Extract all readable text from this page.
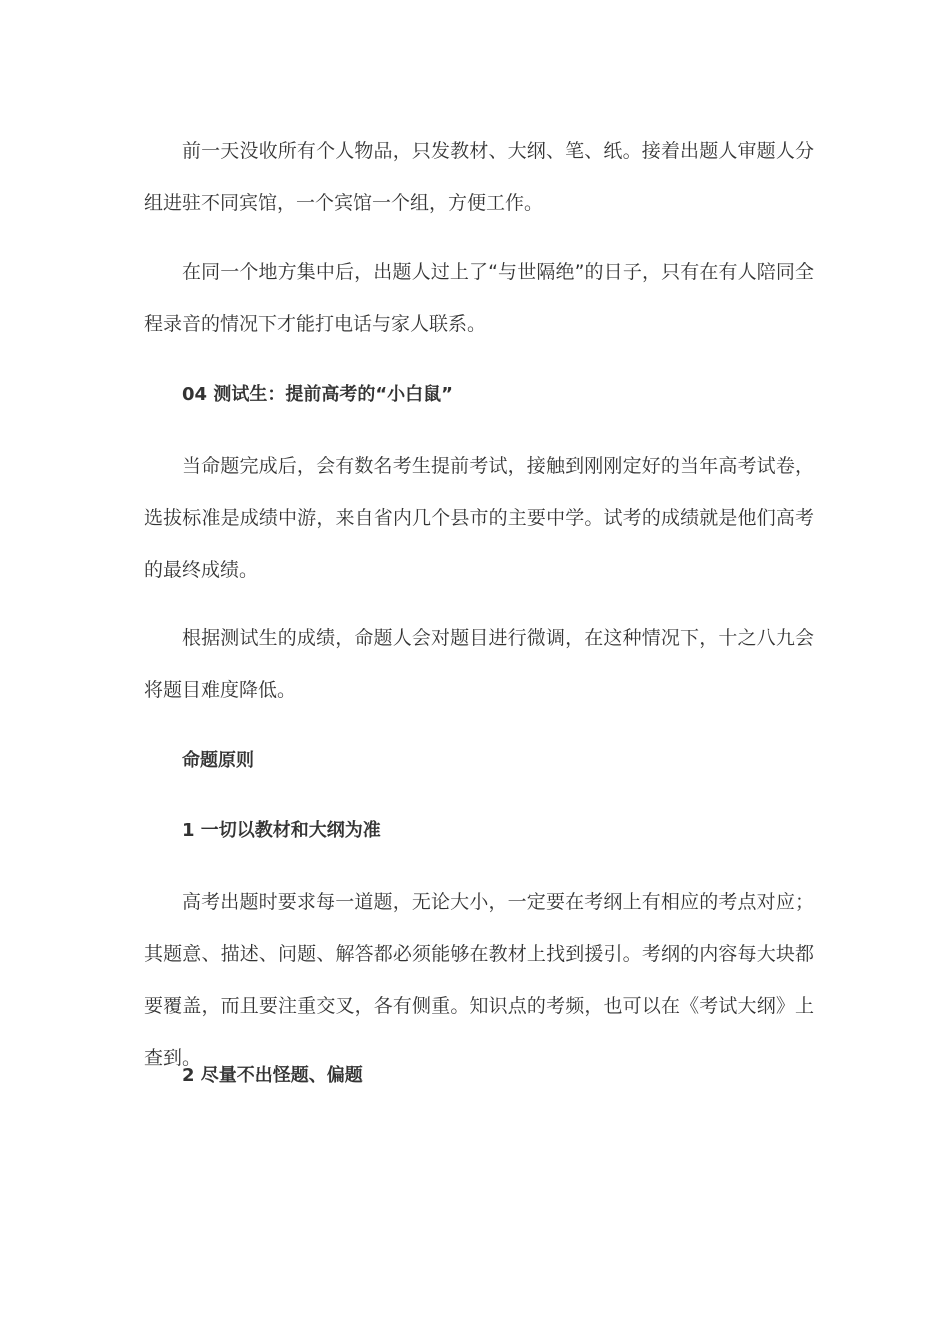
前一天没收所有个人物品，只发教材、大纲、笔、纸。接着出题人审题人分组进驻不同宾馆，一个宾馆一个组，方便工作。

在同一个地方集中后，出题人过上了“与世隔绝”的日子，只有在有人陪同全程录音的情况下才能打电话与家人联系。

04 测试生：提前高考的“小白鼠”

当命题完成后，会有数名考生提前考试，接触到刚刚定好的当年高考试卷，选拔标准是成绩中游，来自省内几个县市的主要中学。试考的成绩就是他们高考的最终成绩。

根据测试生的成绩，命题人会对题目进行微调，在这种情况下，十之八九会将题目难度降低。

命题原则
1 一切以教材和大纲为准

高考出题时要求每一道题，无论大小，一定要在考纲上有相应的考点对应；其题意、描述、问题、解答都必须能够在教材上找到援引。考纲的内容每大块都要覆盖，而且要注重交叉，各有侧重。知识点的考频，也可以在《考试大纲》上查到。

2 尽量不出怪题、偏题
